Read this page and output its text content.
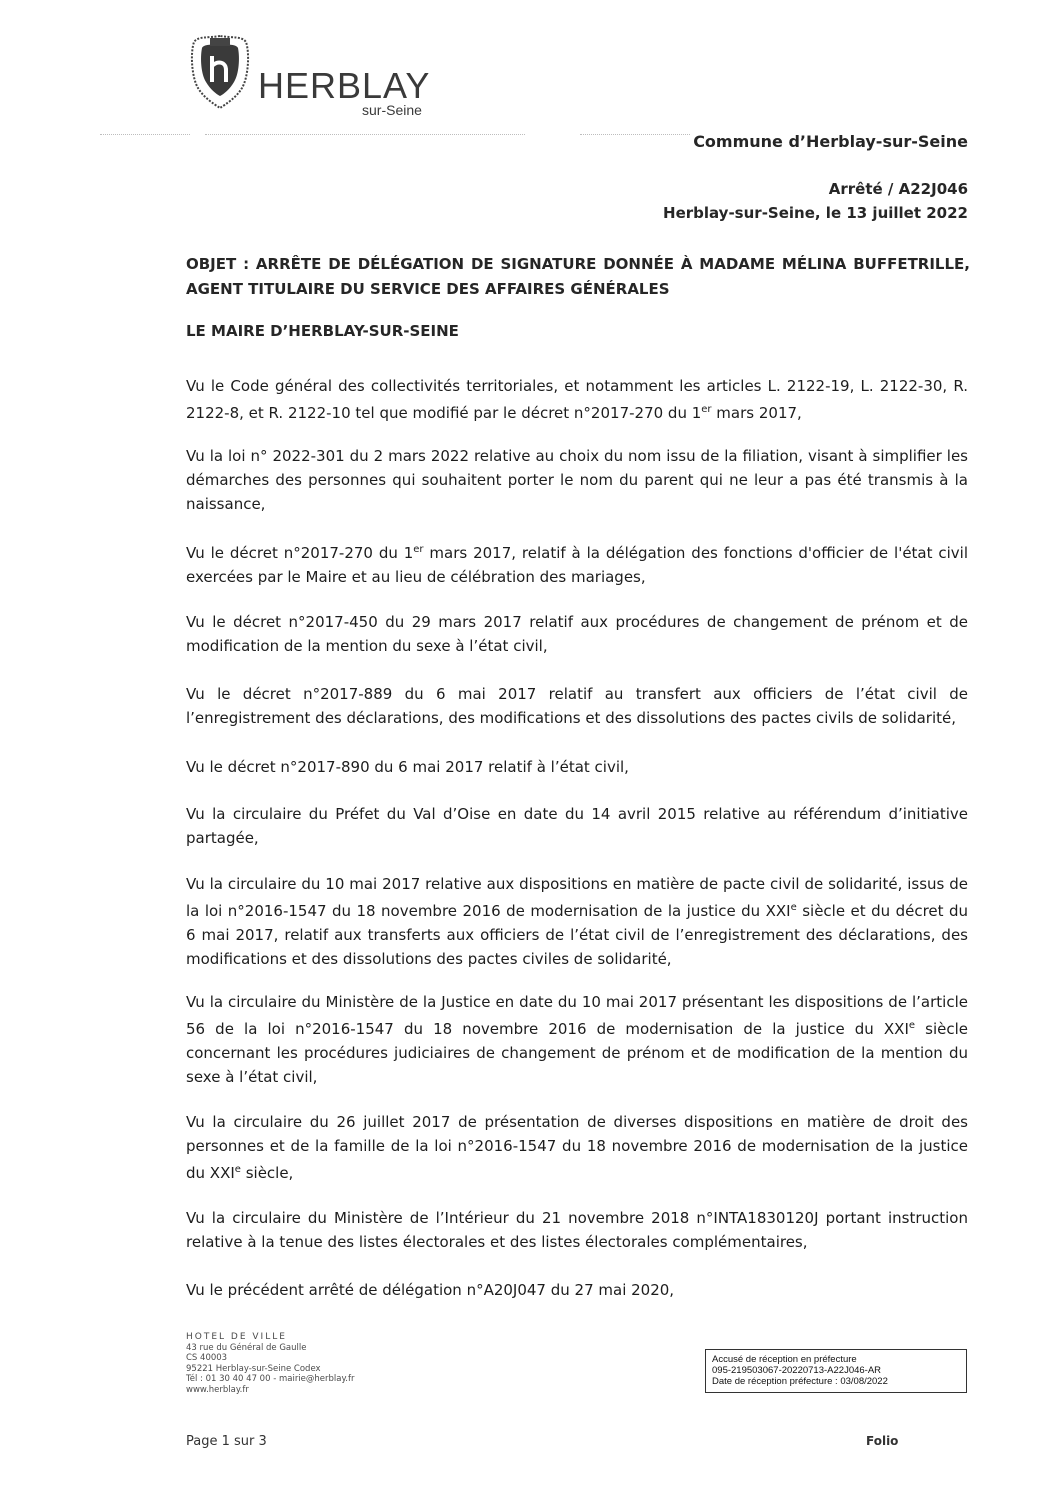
HERBLAY
sur-Seine
Commune d’Herblay-sur-Seine
Arrêté / A22J046
Herblay-sur-Seine, le 13 juillet 2022
OBJET : ARRÊTE DE DÉLÉGATION DE SIGNATURE DONNÉE À MADAME MÉLINA BUFFETRILLE, AGENT TITULAIRE DU SERVICE DES AFFAIRES GÉNÉRALES
LE MAIRE D’HERBLAY-SUR-SEINE
Vu le Code général des collectivités territoriales, et notamment les articles L. 2122-19, L. 2122-30, R. 2122-8, et R. 2122-10 tel que modifié par le décret n°2017-270 du 1er mars 2017,
Vu la loi n° 2022-301 du 2 mars 2022 relative au choix du nom issu de la filiation, visant à simplifier les démarches des personnes qui souhaitent porter le nom du parent qui ne leur a pas été transmis à la naissance,
Vu le décret n°2017-270 du 1er mars 2017, relatif à la délégation des fonctions d'officier de l'état civil exercées par le Maire et au lieu de célébration des mariages,
Vu le décret n°2017-450 du 29 mars 2017 relatif aux procédures de changement de prénom et de modification de la mention du sexe à l’état civil,
Vu le décret n°2017-889 du 6 mai 2017 relatif au transfert aux officiers de l’état civil de l’enregistrement des déclarations, des modifications et des dissolutions des pactes civils de solidarité,
Vu le décret n°2017-890 du 6 mai 2017 relatif à l’état civil,
Vu la circulaire du Préfet du Val d’Oise en date du 14 avril 2015 relative au référendum d’initiative partagée,
Vu la circulaire du 10 mai 2017 relative aux dispositions en matière de pacte civil de solidarité, issus de la loi n°2016-1547 du 18 novembre 2016 de modernisation de la justice du XXIe siècle et du décret du 6 mai 2017, relatif aux transferts aux officiers de l’état civil de l’enregistrement des déclarations, des modifications et des dissolutions des pactes civiles de solidarité,
Vu la circulaire du Ministère de la Justice en date du 10 mai 2017 présentant les dispositions de l’article 56 de la loi n°2016-1547 du 18 novembre 2016 de modernisation de la justice du XXIe siècle concernant les procédures judiciaires de changement de prénom et de modification de la mention du sexe à l’état civil,
Vu la circulaire du 26 juillet 2017 de présentation de diverses dispositions en matière de droit des personnes et de la famille de la loi n°2016-1547 du 18 novembre 2016 de modernisation de la justice du XXIe siècle,
Vu la circulaire du Ministère de l’Intérieur du 21 novembre 2018 n°INTA1830120J portant instruction relative à la tenue des listes électorales et des listes électorales complémentaires,
Vu le précédent arrêté de délégation n°A20J047 du 27 mai 2020,
HOTEL DE VILLE
43 rue du Général de Gaulle
CS 40003
95221 Herblay-sur-Seine Codex
Tél : 01 30 40 47 00 - mairie@herblay.fr
www.herblay.fr
Accusé de réception en préfecture
095-219503067-20220713-A22J046-AR
Date de réception préfecture : 03/08/2022
Page 1 sur 3	Folio
